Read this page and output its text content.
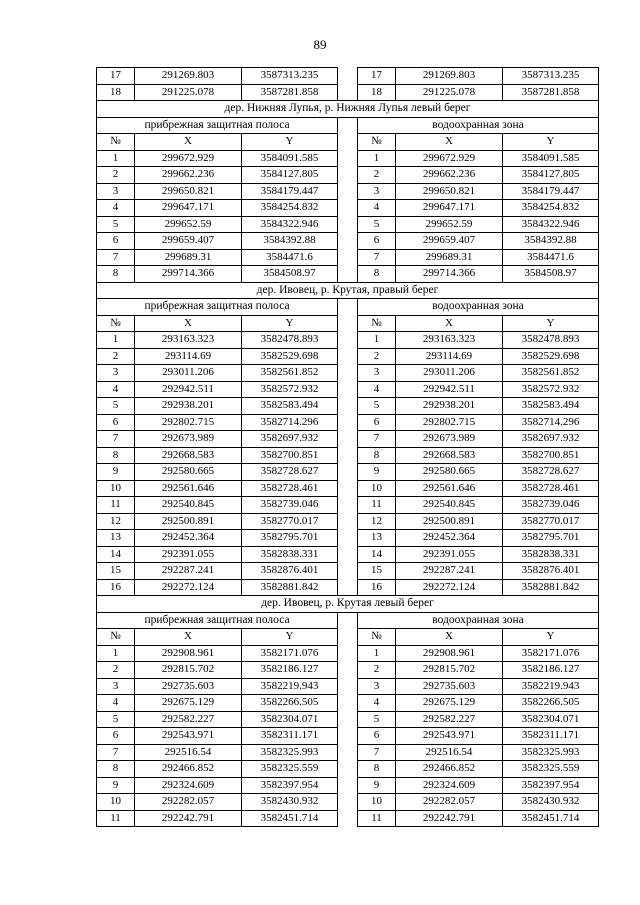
89
17	291269.803	3587313.235		17	291269.803	3587313.235
18	291225.078	3587281.858		18	291225.078	3587281.858
дер. Нижняя Лупья, р. Нижняя Лупья левый берег						
прибрежная защитная полоса				водоохранная зона		
№	X	Y		№	X	Y
1	299672.929	3584091.585		1	299672.929	3584091.585
2	299662.236	3584127.805		2	299662.236	3584127.805
3	299650.821	3584179.447		3	299650.821	3584179.447
4	299647.171	3584254.832		4	299647.171	3584254.832
5	299652.59	3584322.946		5	299652.59	3584322.946
6	299659.407	3584392.88		6	299659.407	3584392.88
7	299689.31	3584471.6		7	299689.31	3584471.6
8	299714.366	3584508.97		8	299714.366	3584508.97
дер. Ивовец, р. Крутая, правый берег						
прибрежная защитная полоса				водоохранная зона		
№	X	Y		№	X	Y
1	293163.323	3582478.893		1	293163.323	3582478.893
2	293114.69	3582529.698		2	293114.69	3582529.698
3	293011.206	3582561.852		3	293011.206	3582561.852
4	292942.511	3582572.932		4	292942.511	3582572.932
5	292938.201	3582583.494		5	292938.201	3582583.494
6	292802.715	3582714.296		6	292802.715	3582714.296
7	292673.989	3582697.932		7	292673.989	3582697.932
8	292668.583	3582700.851		8	292668.583	3582700.851
9	292580.665	3582728.627		9	292580.665	3582728.627
10	292561.646	3582728.461		10	292561.646	3582728.461
11	292540.845	3582739.046		11	292540.845	3582739.046
12	292500.891	3582770.017		12	292500.891	3582770.017
13	292452.364	3582795.701		13	292452.364	3582795.701
14	292391.055	3582838.331		14	292391.055	3582838.331
15	292287.241	3582876.401		15	292287.241	3582876.401
16	292272.124	3582881.842		16	292272.124	3582881.842
дер. Ивовец, р. Крутая левый берег						
прибрежная защитная полоса				водоохранная зона		
№	X	Y		№	X	Y
1	292908.961	3582171.076		1	292908.961	3582171.076
2	292815.702	3582186.127		2	292815.702	3582186.127
3	292735.603	3582219.943		3	292735.603	3582219.943
4	292675.129	3582266.505		4	292675.129	3582266.505
5	292582.227	3582304.071		5	292582.227	3582304.071
6	292543.971	3582311.171		6	292543.971	3582311.171
7	292516.54	3582325.993		7	292516.54	3582325.993
8	292466.852	3582325.559		8	292466.852	3582325.559
9	292324.609	3582397.954		9	292324.609	3582397.954
10	292282.057	3582430.932		10	292282.057	3582430.932
11	292242.791	3582451.714		11	292242.791	3582451.714
